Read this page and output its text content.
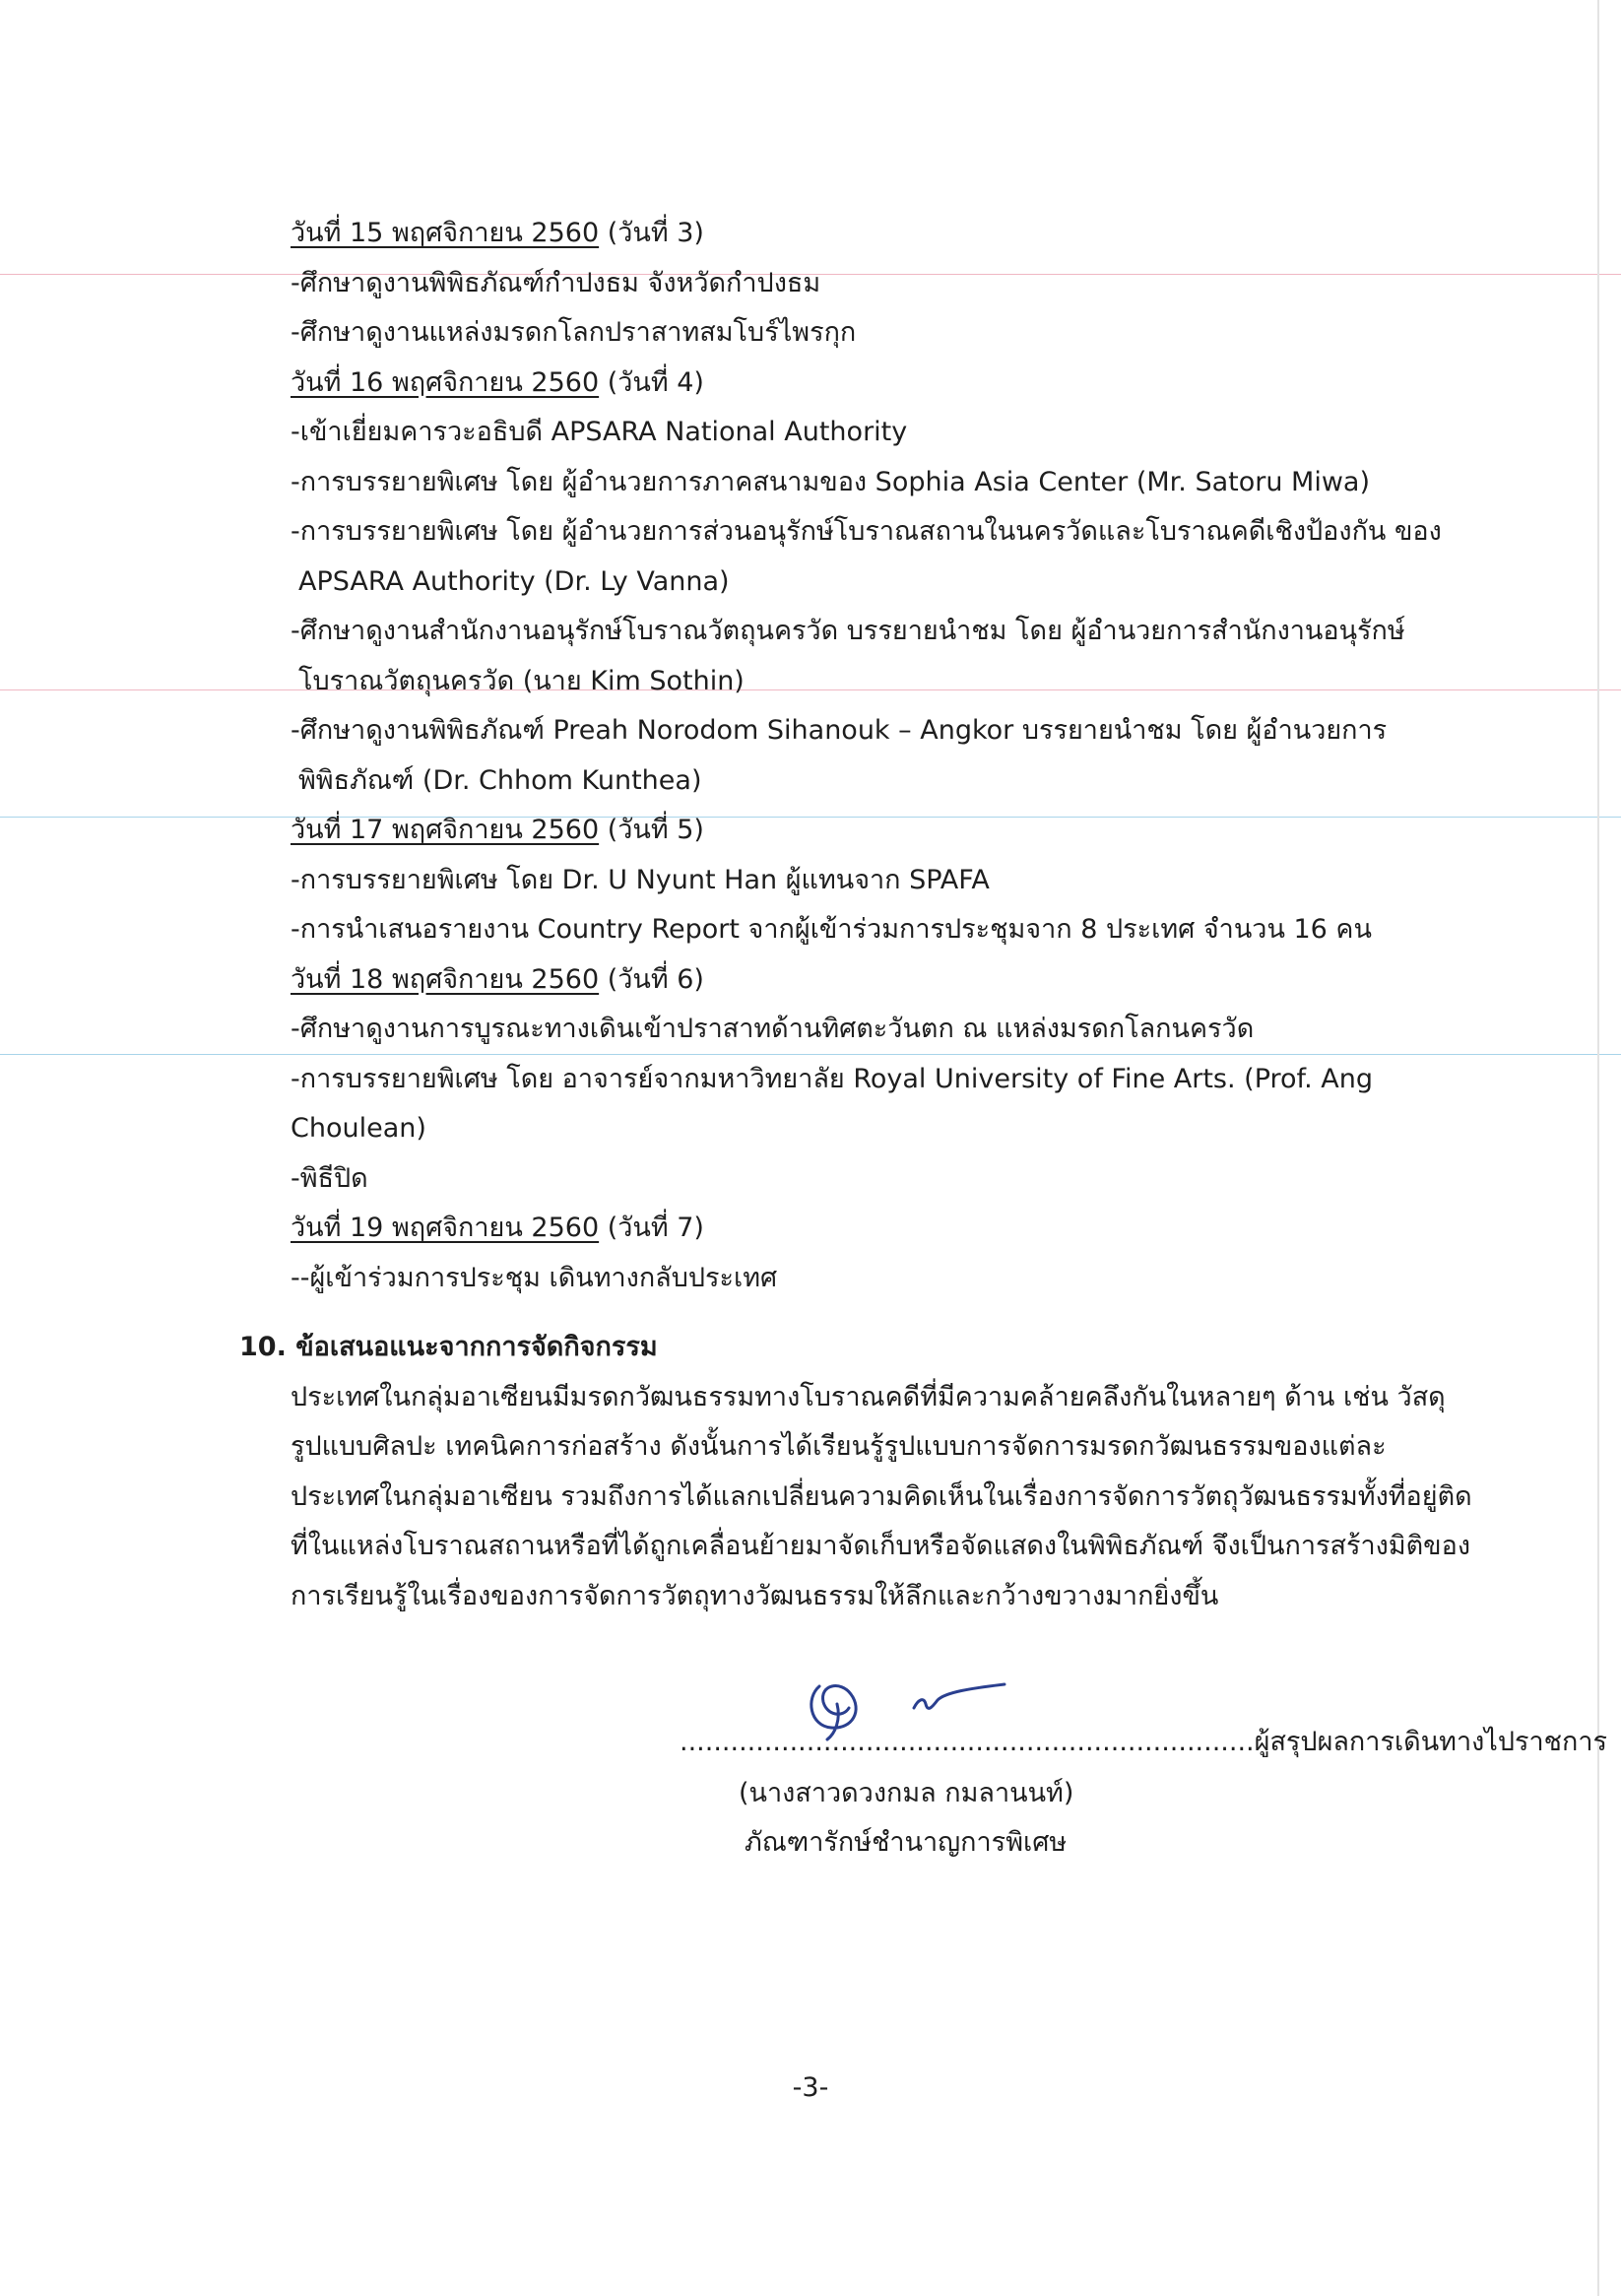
วันที่ 15 พฤศจิกายน 2560 (วันที่ 3)
-ศึกษาดูงานพิพิธภัณฑ์กำปงธม จังหวัดกำปงธม
-ศึกษาดูงานแหล่งมรดกโลกปราสาทสมโบร์ไพรกุก
วันที่ 16 พฤศจิกายน 2560 (วันที่ 4)
-เข้าเยี่ยมคารวะอธิบดี APSARA National Authority
-การบรรยายพิเศษ โดย ผู้อำนวยการภาคสนามของ Sophia Asia Center (Mr. Satoru Miwa)
-การบรรยายพิเศษ โดย ผู้อำนวยการส่วนอนุรักษ์โบราณสถานในนครวัดและโบราณคดีเชิงป้องกัน ของ
APSARA Authority (Dr. Ly Vanna)
-ศึกษาดูงานสำนักงานอนุรักษ์โบราณวัตถุนครวัด บรรยายนำชม โดย ผู้อำนวยการสำนักงานอนุรักษ์
โบราณวัตถุนครวัด (นาย Kim Sothin)
-ศึกษาดูงานพิพิธภัณฑ์ Preah Norodom Sihanouk – Angkor บรรยายนำชม โดย ผู้อำนวยการ
พิพิธภัณฑ์ (Dr. Chhom Kunthea)
วันที่ 17 พฤศจิกายน 2560 (วันที่ 5)
-การบรรยายพิเศษ โดย Dr. U Nyunt Han ผู้แทนจาก SPAFA
-การนำเสนอรายงาน Country Report จากผู้เข้าร่วมการประชุมจาก 8 ประเทศ จำนวน 16 คน
วันที่ 18 พฤศจิกายน 2560 (วันที่ 6)
-ศึกษาดูงานการบูรณะทางเดินเข้าปราสาทด้านทิศตะวันตก ณ แหล่งมรดกโลกนครวัด
-การบรรยายพิเศษ โดย อาจารย์จากมหาวิทยาลัย Royal University of Fine Arts. (Prof. Ang
Choulean)
-พิธีปิด
วันที่ 19 พฤศจิกายน 2560 (วันที่ 7)
--ผู้เข้าร่วมการประชุม เดินทางกลับประเทศ
10. ข้อเสนอแนะจากการจัดกิจกรรม
ประเทศในกลุ่มอาเซียนมีมรดกวัฒนธรรมทางโบราณคดีที่มีความคล้ายคลึงกันในหลายๆ ด้าน เช่น วัสดุ
รูปแบบศิลปะ เทคนิคการก่อสร้าง ดังนั้นการได้เรียนรู้รูปแบบการจัดการมรดกวัฒนธรรมของแต่ละ
ประเทศในกลุ่มอาเซียน รวมถึงการได้แลกเปลี่ยนความคิดเห็นในเรื่องการจัดการวัตถุวัฒนธรรมทั้งที่อยู่ติด
ที่ในแหล่งโบราณสถานหรือที่ได้ถูกเคลื่อนย้ายมาจัดเก็บหรือจัดแสดงในพิพิธภัณฑ์ จึงเป็นการสร้างมิติของ
การเรียนรู้ในเรื่องของการจัดการวัตถุทางวัฒนธรรมให้ลึกและกว้างขวางมากยิ่งขึ้น
....................................................................ผู้สรุปผลการเดินทางไปราชการ
(นางสาวดวงกมล กมลานนท์)
ภัณฑารักษ์ชำนาญการพิเศษ
-3-
